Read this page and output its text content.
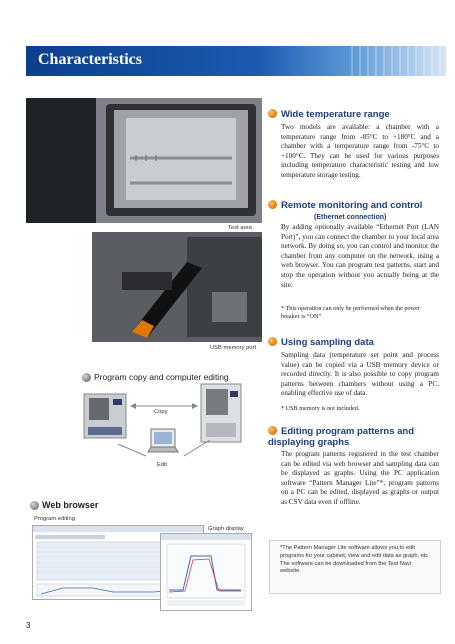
Characteristics
Test area
USB memory port
Program copy and computer editing
Copy
Edit
Web browser
Program editing
Graph display
Wide temperature range
Two models are available: a chamber with a temperature range from -85°C to +180°C and a chamber with a temperature range from -75°C to +100°C. They can be used for various purposes including temperature characteristic testing and low temperature storage testing.
Remote monitoring and control

(Ethernet connection)
By adding optionally available “Ethernet Port (LAN Port)”, you can connect the chamber to your local area network. By doing so, you can control and monitor the chamber from any computer on the network, using a web browser. You can program test patterns, start and stop the operation without you actually being at the site.
* This operation can only be performed when the power breaker is “ON”
Using sampling data
Sampling data (temperature set point and process value) can be copied via a USB memory device or recorded directly. It is also possible to copy program patterns between chambers without using a PC, enabling effective use of data.
* USB memory is not included.
Editing program patterns and displaying graphs
The program patterns registered in the test chamber can be edited via web browser and sampling data can be displayed as graphs. Using the PC application software “Pattern Manager Lite”*, program patterns on a PC can be edited, displayed as graphs or output as CSV data even if offline.
*The Pattern Manager Lite software allows you to edit programs for your cabinet, view and edit data as graph, etc. The software can be downloaded from the Test Navi website.
3
